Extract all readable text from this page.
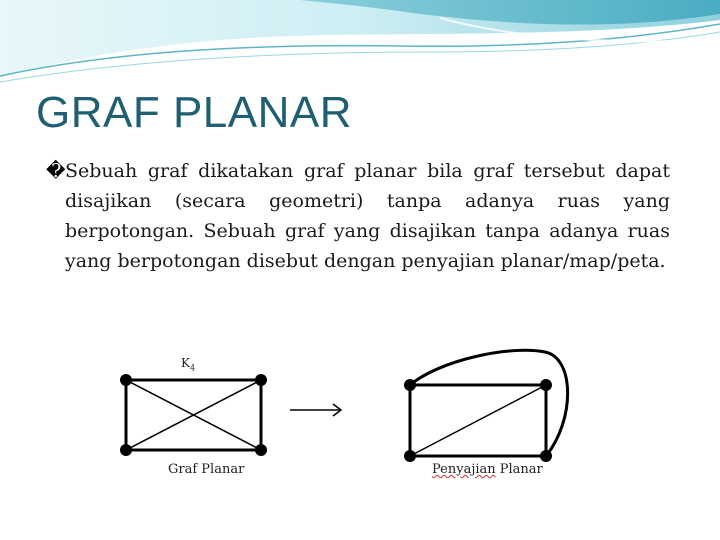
GRAF PLANAR
� Sebuah graf dikatakan graf planar bila graf tersebut dapat disajikan (secara geometri) tanpa adanya ruas yang berpotongan. Sebuah graf yang disajikan tanpa adanya ruas yang berpotongan disebut dengan penyajian planar/map/peta.
$K_4$
Graf Planar	Penyajian Planar
